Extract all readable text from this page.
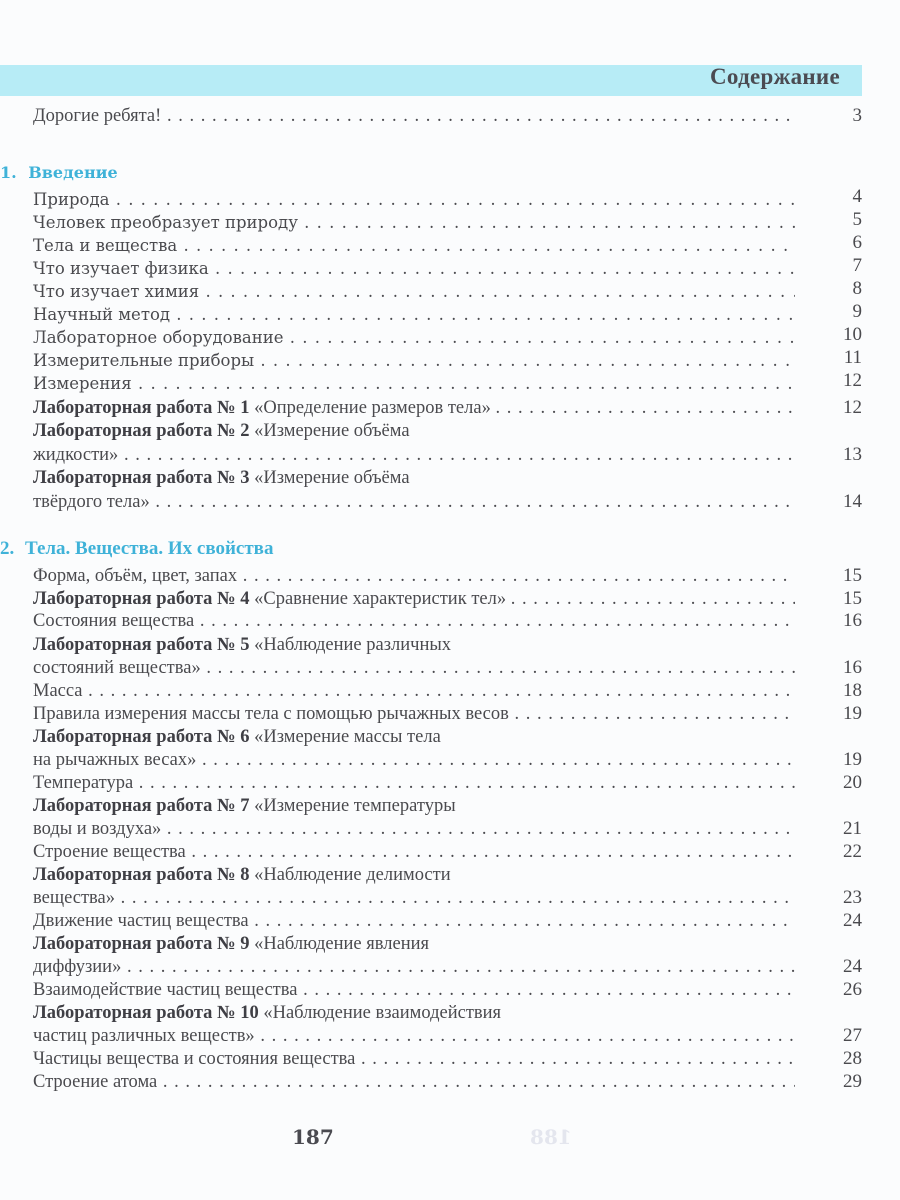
Содержание
Дорогие ребята! . . .	3
1. Введение
Природа . . .	4
Человек преобразует природу . . .	5
Тела и вещества . . .	6
Что изучает физика . . .	7
Что изучает химия . . .	8
Научный метод . . .	9
Лабораторное оборудование . . .	10
Измерительные приборы . . .	11
Измерения . . .	12
Лабораторная работа № 1 «Определение размеров тела» . . .	12
Лабораторная работа № 2 «Измерение объёма
жидкости» . . .	13
Лабораторная работа № 3 «Измерение объёма
твёрдого тела» . . .	14
2. Тела. Вещества. Их свойства
Форма, объём, цвет, запах . . .	15
Лабораторная работа № 4 «Сравнение характеристик тел» . . .	15
Состояния вещества . . .	16
Лабораторная работа № 5 «Наблюдение различных
состояний вещества» . . .	16
Масса . . .	18
Правила измерения массы тела с помощью рычажных весов . . .	19
Лабораторная работа № 6 «Измерение массы тела
на рычажных весах» . . .	19
Температура . . .	20
Лабораторная работа № 7 «Измерение температуры
воды и воздуха» . . .	21
Строение вещества . . .	22
Лабораторная работа № 8 «Наблюдение делимости
вещества» . . .	23
Движение частиц вещества . . .	24
Лабораторная работа № 9 «Наблюдение явления
диффузии» . . .	24
Взаимодействие частиц вещества . . .	26
Лабораторная работа № 10 «Наблюдение взаимодействия
частиц различных веществ» . . .	27
Частицы вещества и состояния вещества . . .	28
Строение атома . . .	29
187	188
